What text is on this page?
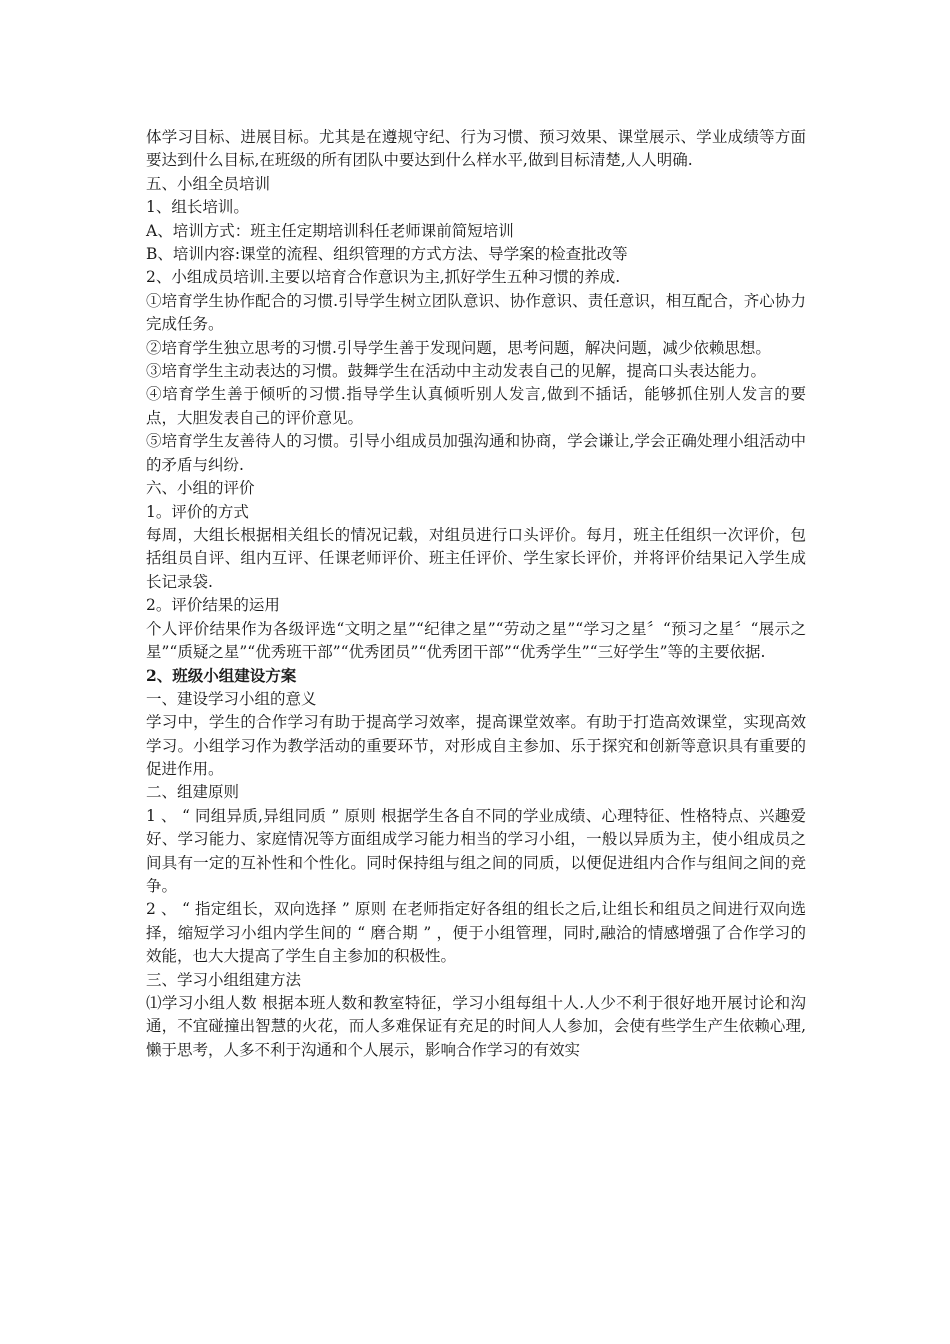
体学习目标、进展目标。尤其是在遵规守纪、行为习惯、预习效果、课堂展示、学业成绩等方面要达到什么目标,在班级的所有团队中要达到什么样水平,做到目标清楚,人人明确.

五、小组全员培训

1、组长培训。

A、培训方式：班主任定期培训科任老师课前简短培训

B、培训内容:课堂的流程、组织管理的方式方法、导学案的检查批改等

2、小组成员培训.主要以培育合作意识为主,抓好学生五种习惯的养成.

①培育学生协作配合的习惯.引导学生树立团队意识、协作意识、责任意识，相互配合，齐心协力完成任务。

②培育学生独立思考的习惯.引导学生善于发现问题，思考问题，解决问题，减少依赖思想。

③培育学生主动表达的习惯。鼓舞学生在活动中主动发表自己的见解，提高口头表达能力。

④培育学生善于倾听的习惯.指导学生认真倾听别人发言,做到不插话，能够抓住别人发言的要点，大胆发表自己的评价意见。

⑤培育学生友善待人的习惯。引导小组成员加强沟通和协商，学会谦让,学会正确处理小组活动中的矛盾与纠纷.

六、小组的评价

1。评价的方式

每周，大组长根据相关组长的情况记载，对组员进行口头评价。每月，班主任组织一次评价，包括组员自评、组内互评、任课老师评价、班主任评价、学生家长评价，并将评价结果记入学生成长记录袋.

2。评价结果的运用

个人评价结果作为各级评选“文明之星”“纪律之星”“劳动之星”“学习之星〞“预习之星〞“展示之星”“质疑之星”“优秀班干部”“优秀团员”“优秀团干部”“优秀学生”“三好学生”等的主要依据.

2、班级小组建设方案

一、建设学习小组的意义

学习中，学生的合作学习有助于提高学习效率，提高课堂效率。有助于打造高效课堂，实现高效学习。小组学习作为教学活动的重要环节，对形成自主参加、乐于探究和创新等意识具有重要的促进作用。

二、组建原则

1 、 “ 同组异质,异组同质 ” 原则 根据学生各自不同的学业成绩、心理特征、性格特点、兴趣爱好、学习能力、家庭情况等方面组成学习能力相当的学习小组，一般以异质为主，使小组成员之间具有一定的互补性和个性化。同时保持组与组之间的同质，以便促进组内合作与组间之间的竞争。

2 、 “ 指定组长，双向选择 ” 原则 在老师指定好各组的组长之后,让组长和组员之间进行双向选择，缩短学习小组内学生间的 “ 磨合期 ” ，便于小组管理，同时,融洽的情感增强了合作学习的效能，也大大提高了学生自主参加的积极性。

三、学习小组组建方法

⑴学习小组人数 根据本班人数和教室特征，学习小组每组十人.人少不利于很好地开展讨论和沟通，不宜碰撞出智慧的火花，而人多难保证有充足的时间人人参加，会使有些学生产生依赖心理,懒于思考，人多不利于沟通和个人展示，影响合作学习的有效实
